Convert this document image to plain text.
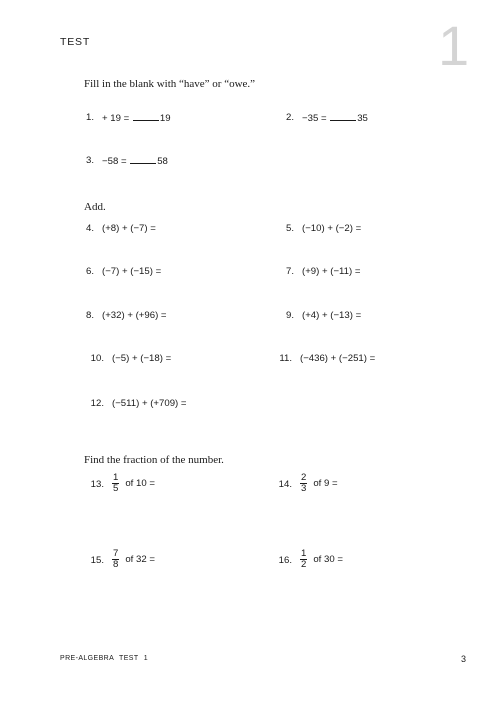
TEST	1
Fill in the blank with “have” or “owe.”
1. + 19 =	19	2. −35 =	35
3. −58 =	58
Add.
4. (+8) + (−7) =	5. (−10) + (−2) =
6. (−7) + (−15) =	7. (+9) + (−11) =
8. (+32) + (+96) =	9. (+4) + (−13) =
10. (−5) + (−18) =	11. (−436) + (−251) =
12. (−511) + (+709) =
Find the fraction of the number.
13. $\frac{1}{5}$ of 10 =	14. $\frac{2}{3}$ of 9 =
15. $\frac{7}{8}$ of 32 =	16. $\frac{1}{2}$ of 30 =
PRE-ALGEBRA TEST 1	3
